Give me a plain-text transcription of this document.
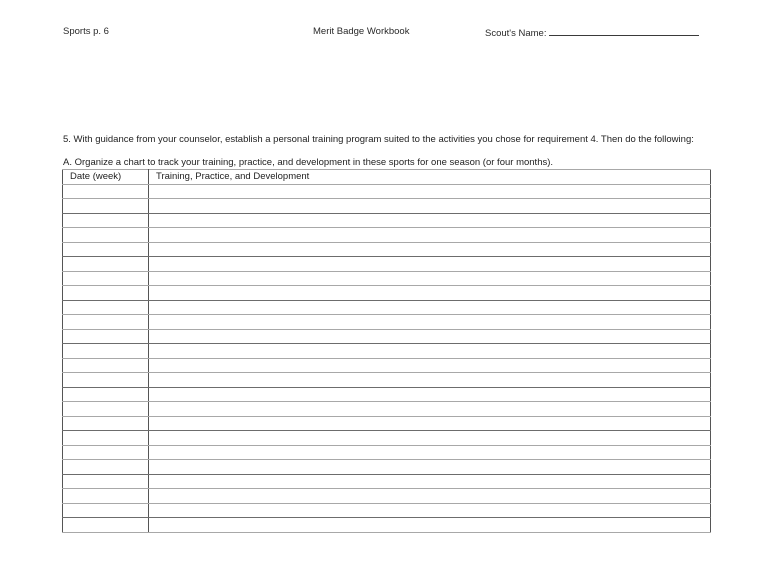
Sports p. 6	Merit Badge Workbook	Scout's Name:
5. With guidance from your counselor, establish a personal training program suited to the activities you chose for requirement 4. Then do the following:
A. Organize a chart to track your training, practice, and development in these sports for one season (or four months).
Date (week)	Training, Practice, and Development
